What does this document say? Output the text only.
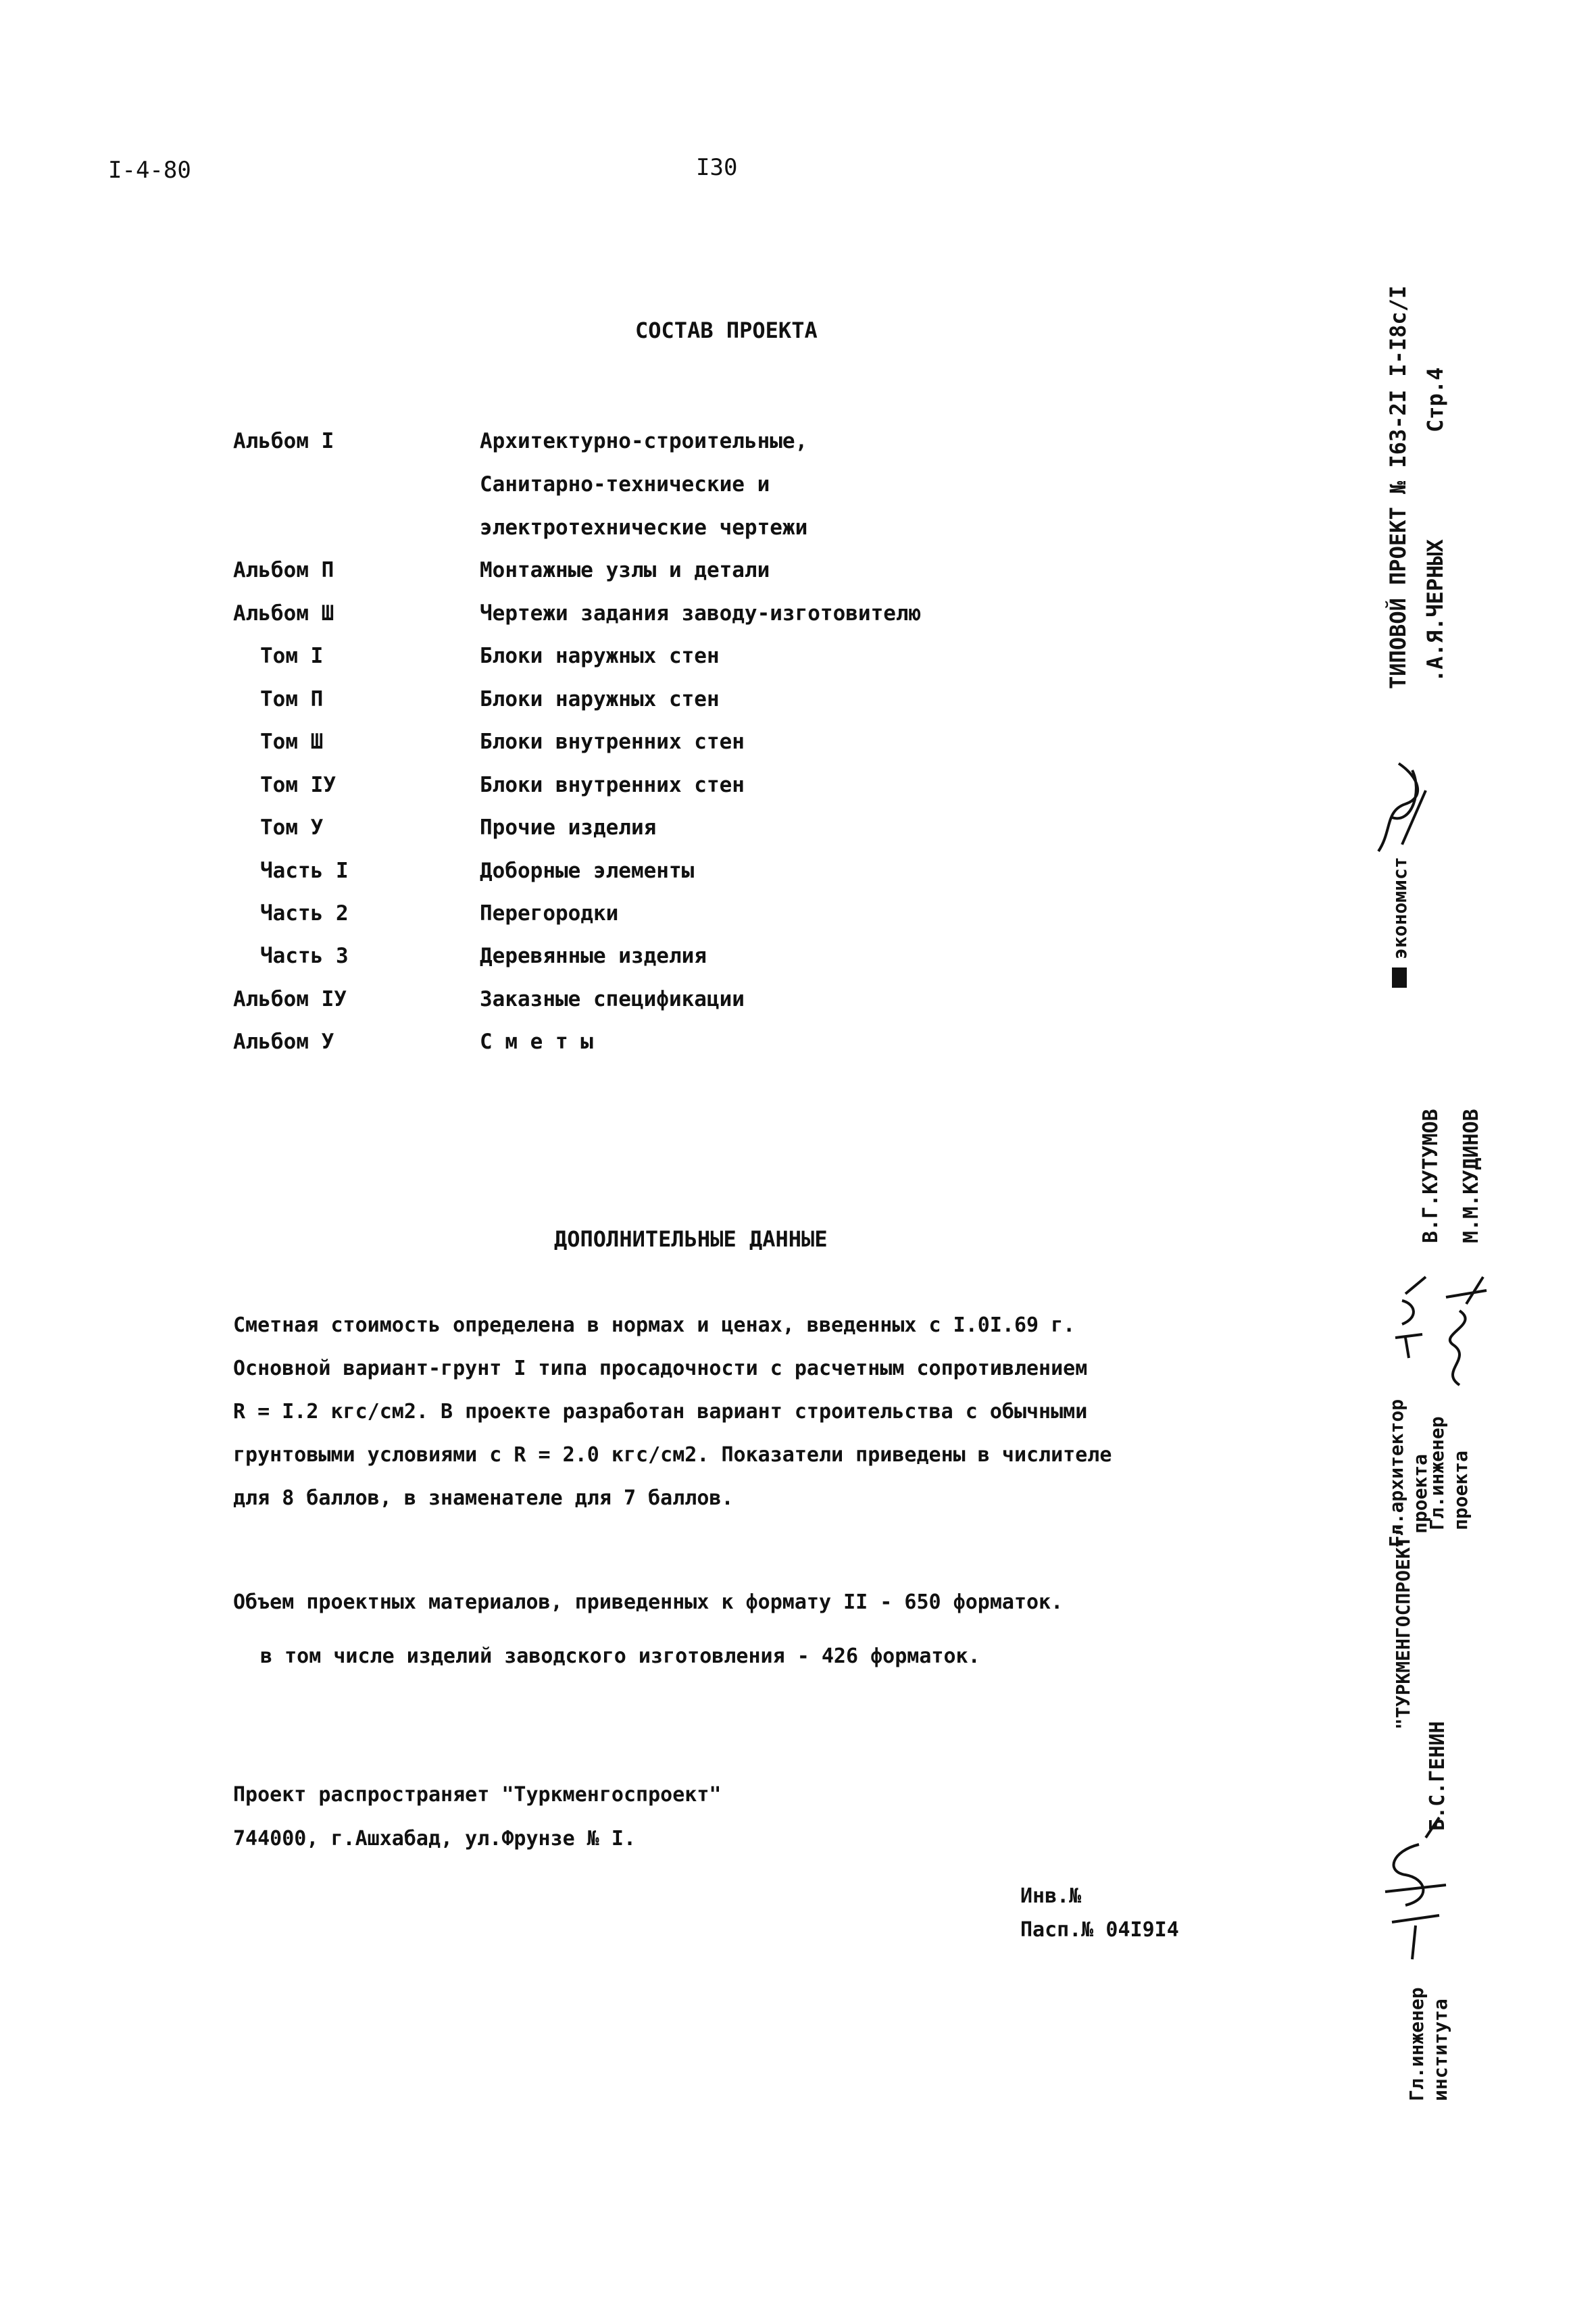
I-4-80	I30
СОСТАВ ПРОЕКТА
Альбом I	Архитектурно-строительные,
Санитарно-технические и
электротехнические чертежи
Альбом П	Монтажные узлы и детали
Альбом Ш	Чертежи задания заводу-изготовителю
Том I	Блоки наружных стен
Том П	Блоки наружных стен
Том Ш	Блоки внутренних стен
Том IУ	Блоки внутренних стен
Том У	Прочие изделия
Часть I	Доборные элементы
Часть 2	Перегородки
Часть 3	Деревянные изделия
Альбом IУ	Заказные спецификации
Альбом У	С м е т ы
ДОПОЛНИТЕЛЬНЫЕ ДАННЫЕ
Сметная стоимость определена в нормах и ценах, введенных с I.0I.69 г.
Основной вариант-грунт I типа просадочности с расчетным сопротивлением
R = I.2 кгс/см2. В проекте разработан вариант строительства с обычными
грунтовыми условиями с R = 2.0 кгс/см2. Показатели приведены в числителе
для 8 баллов, в знаменателе для 7 баллов.
Объем проектных материалов, приведенных к формату II - 650 форматок.
в том числе изделий заводского изготовления - 426 форматок.
Проект распространяет "Туркменгоспроект"
744000, г.Ашхабад, ул.Фрунзе № I.
Инв.№
Пасп.№ 04I9I4
ТИПОВОЙ ПРОЕКТ № I63-2I I-I8с/I Стр.4
.А.Я.ЧЕРНЫХ
экономист
"ТУРКМЕНГОСПРОЕКТ"
Гл.архитектор проекта
В.Г.КУТУМОВ
Гл.инженер проекта
М.М.КУДИНОВ
Гл.инженер института
Б.С.ГЕНИН
